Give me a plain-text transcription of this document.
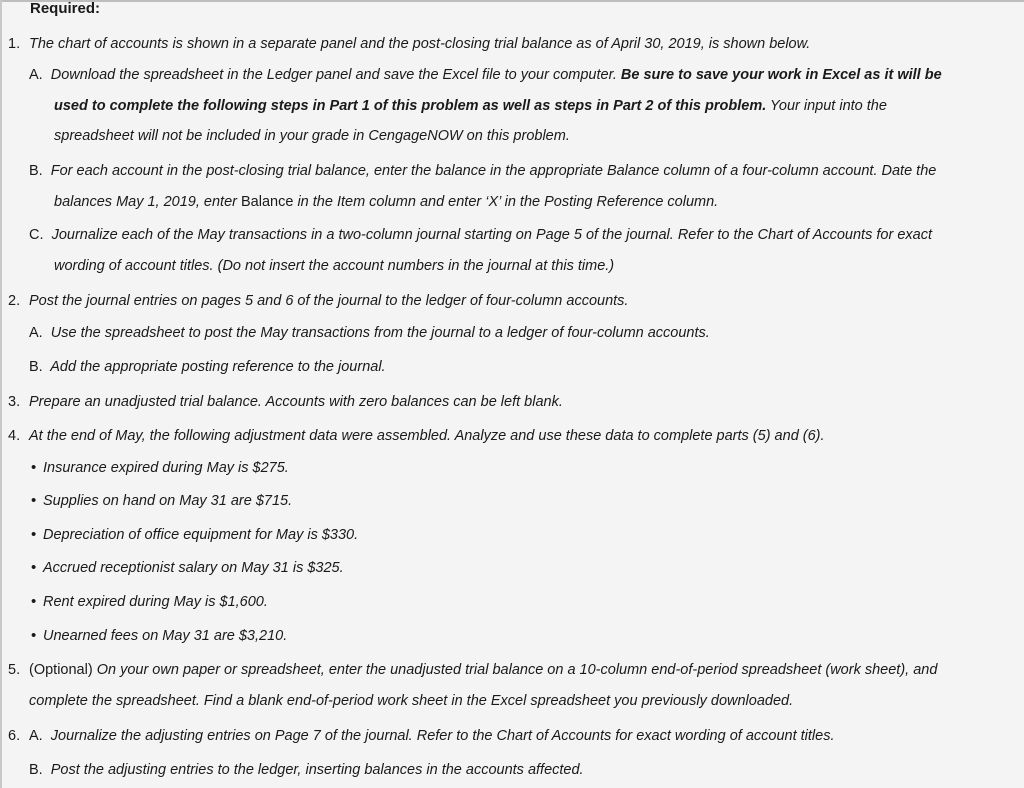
Required:
1. The chart of accounts is shown in a separate panel and the post-closing trial balance as of April 30, 2019, is shown below.
A. Download the spreadsheet in the Ledger panel and save the Excel file to your computer. Be sure to save your work in Excel as it will be
used to complete the following steps in Part 1 of this problem as well as steps in Part 2 of this problem. Your input into the
spreadsheet will not be included in your grade in CengageNOW on this problem.
B. For each account in the post-closing trial balance, enter the balance in the appropriate Balance column of a four-column account. Date the
balances May 1, 2019, enter Balance in the Item column and enter ‘X’ in the Posting Reference column.
C. Journalize each of the May transactions in a two-column journal starting on Page 5 of the journal. Refer to the Chart of Accounts for exact
wording of account titles. (Do not insert the account numbers in the journal at this time.)
2. Post the journal entries on pages 5 and 6 of the journal to the ledger of four-column accounts.
A. Use the spreadsheet to post the May transactions from the journal to a ledger of four-column accounts.
B. Add the appropriate posting reference to the journal.
3. Prepare an unadjusted trial balance. Accounts with zero balances can be left blank.
4. At the end of May, the following adjustment data were assembled. Analyze and use these data to complete parts (5) and (6).
• Insurance expired during May is $275.
• Supplies on hand on May 31 are $715.
• Depreciation of office equipment for May is $330.
• Accrued receptionist salary on May 31 is $325.
• Rent expired during May is $1,600.
• Unearned fees on May 31 are $3,210.
5. (Optional) On your own paper or spreadsheet, enter the unadjusted trial balance on a 10-column end-of-period spreadsheet (work sheet), and
complete the spreadsheet. Find a blank end-of-period work sheet in the Excel spreadsheet you previously downloaded.
6. A. Journalize the adjusting entries on Page 7 of the journal. Refer to the Chart of Accounts for exact wording of account titles.
B. Post the adjusting entries to the ledger, inserting balances in the accounts affected.
